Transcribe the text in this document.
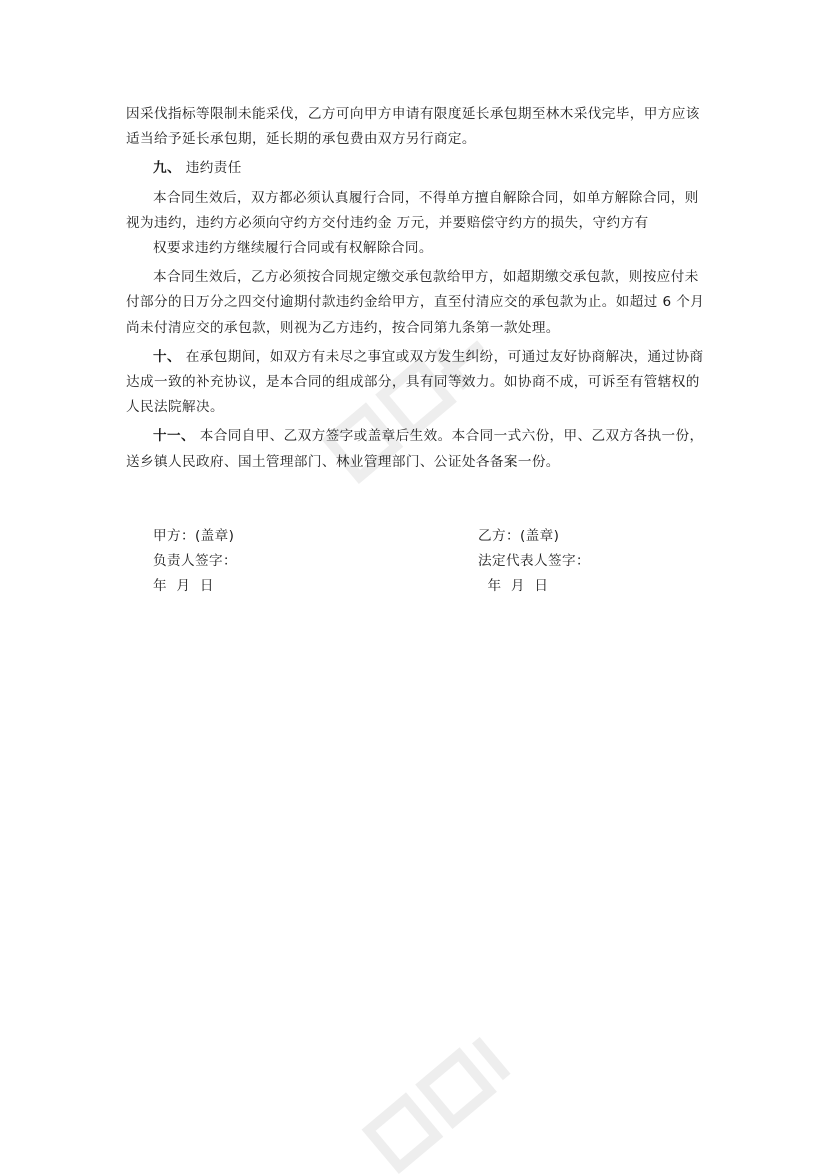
因采伐指标等限制未能采伐，乙方可向甲方申请有限度延长承包期至林木采伐完毕，甲方应该适当给予延长承包期，延长期的承包费由双方另行商定。

九、 违约责任

本合同生效后，双方都必须认真履行合同，不得单方擅自解除合同，如单方解除合同，则视为违约，违约方必须向守约方交付违约金 万元，并要赔偿守约方的损失，守约方有

权要求违约方继续履行合同或有权解除合同。

本合同生效后，乙方必须按合同规定缴交承包款给甲方，如超期缴交承包款，则按应付未付部分的日万分之四交付逾期付款违约金给甲方，直至付清应交的承包款为止。如超过 6 个月尚未付清应交的承包款，则视为乙方违约，按合同第九条第一款处理。

十、 在承包期间，如双方有未尽之事宜或双方发生纠纷，可通过友好协商解决，通过协商达成一致的补充协议，是本合同的组成部分，具有同等效力。如协商不成，可诉至有管辖权的人民法院解决。

十一、 本合同自甲、乙双方签字或盖章后生效。本合同一式六份，甲、乙双方各执一份，送乡镇人民政府、国土管理部门、林业管理部门、公证处各备案一份。

甲方：(盖章)
负责人签字：
年  月  日
乙方：(盖章)
法定代表人签字：
年  月  日
